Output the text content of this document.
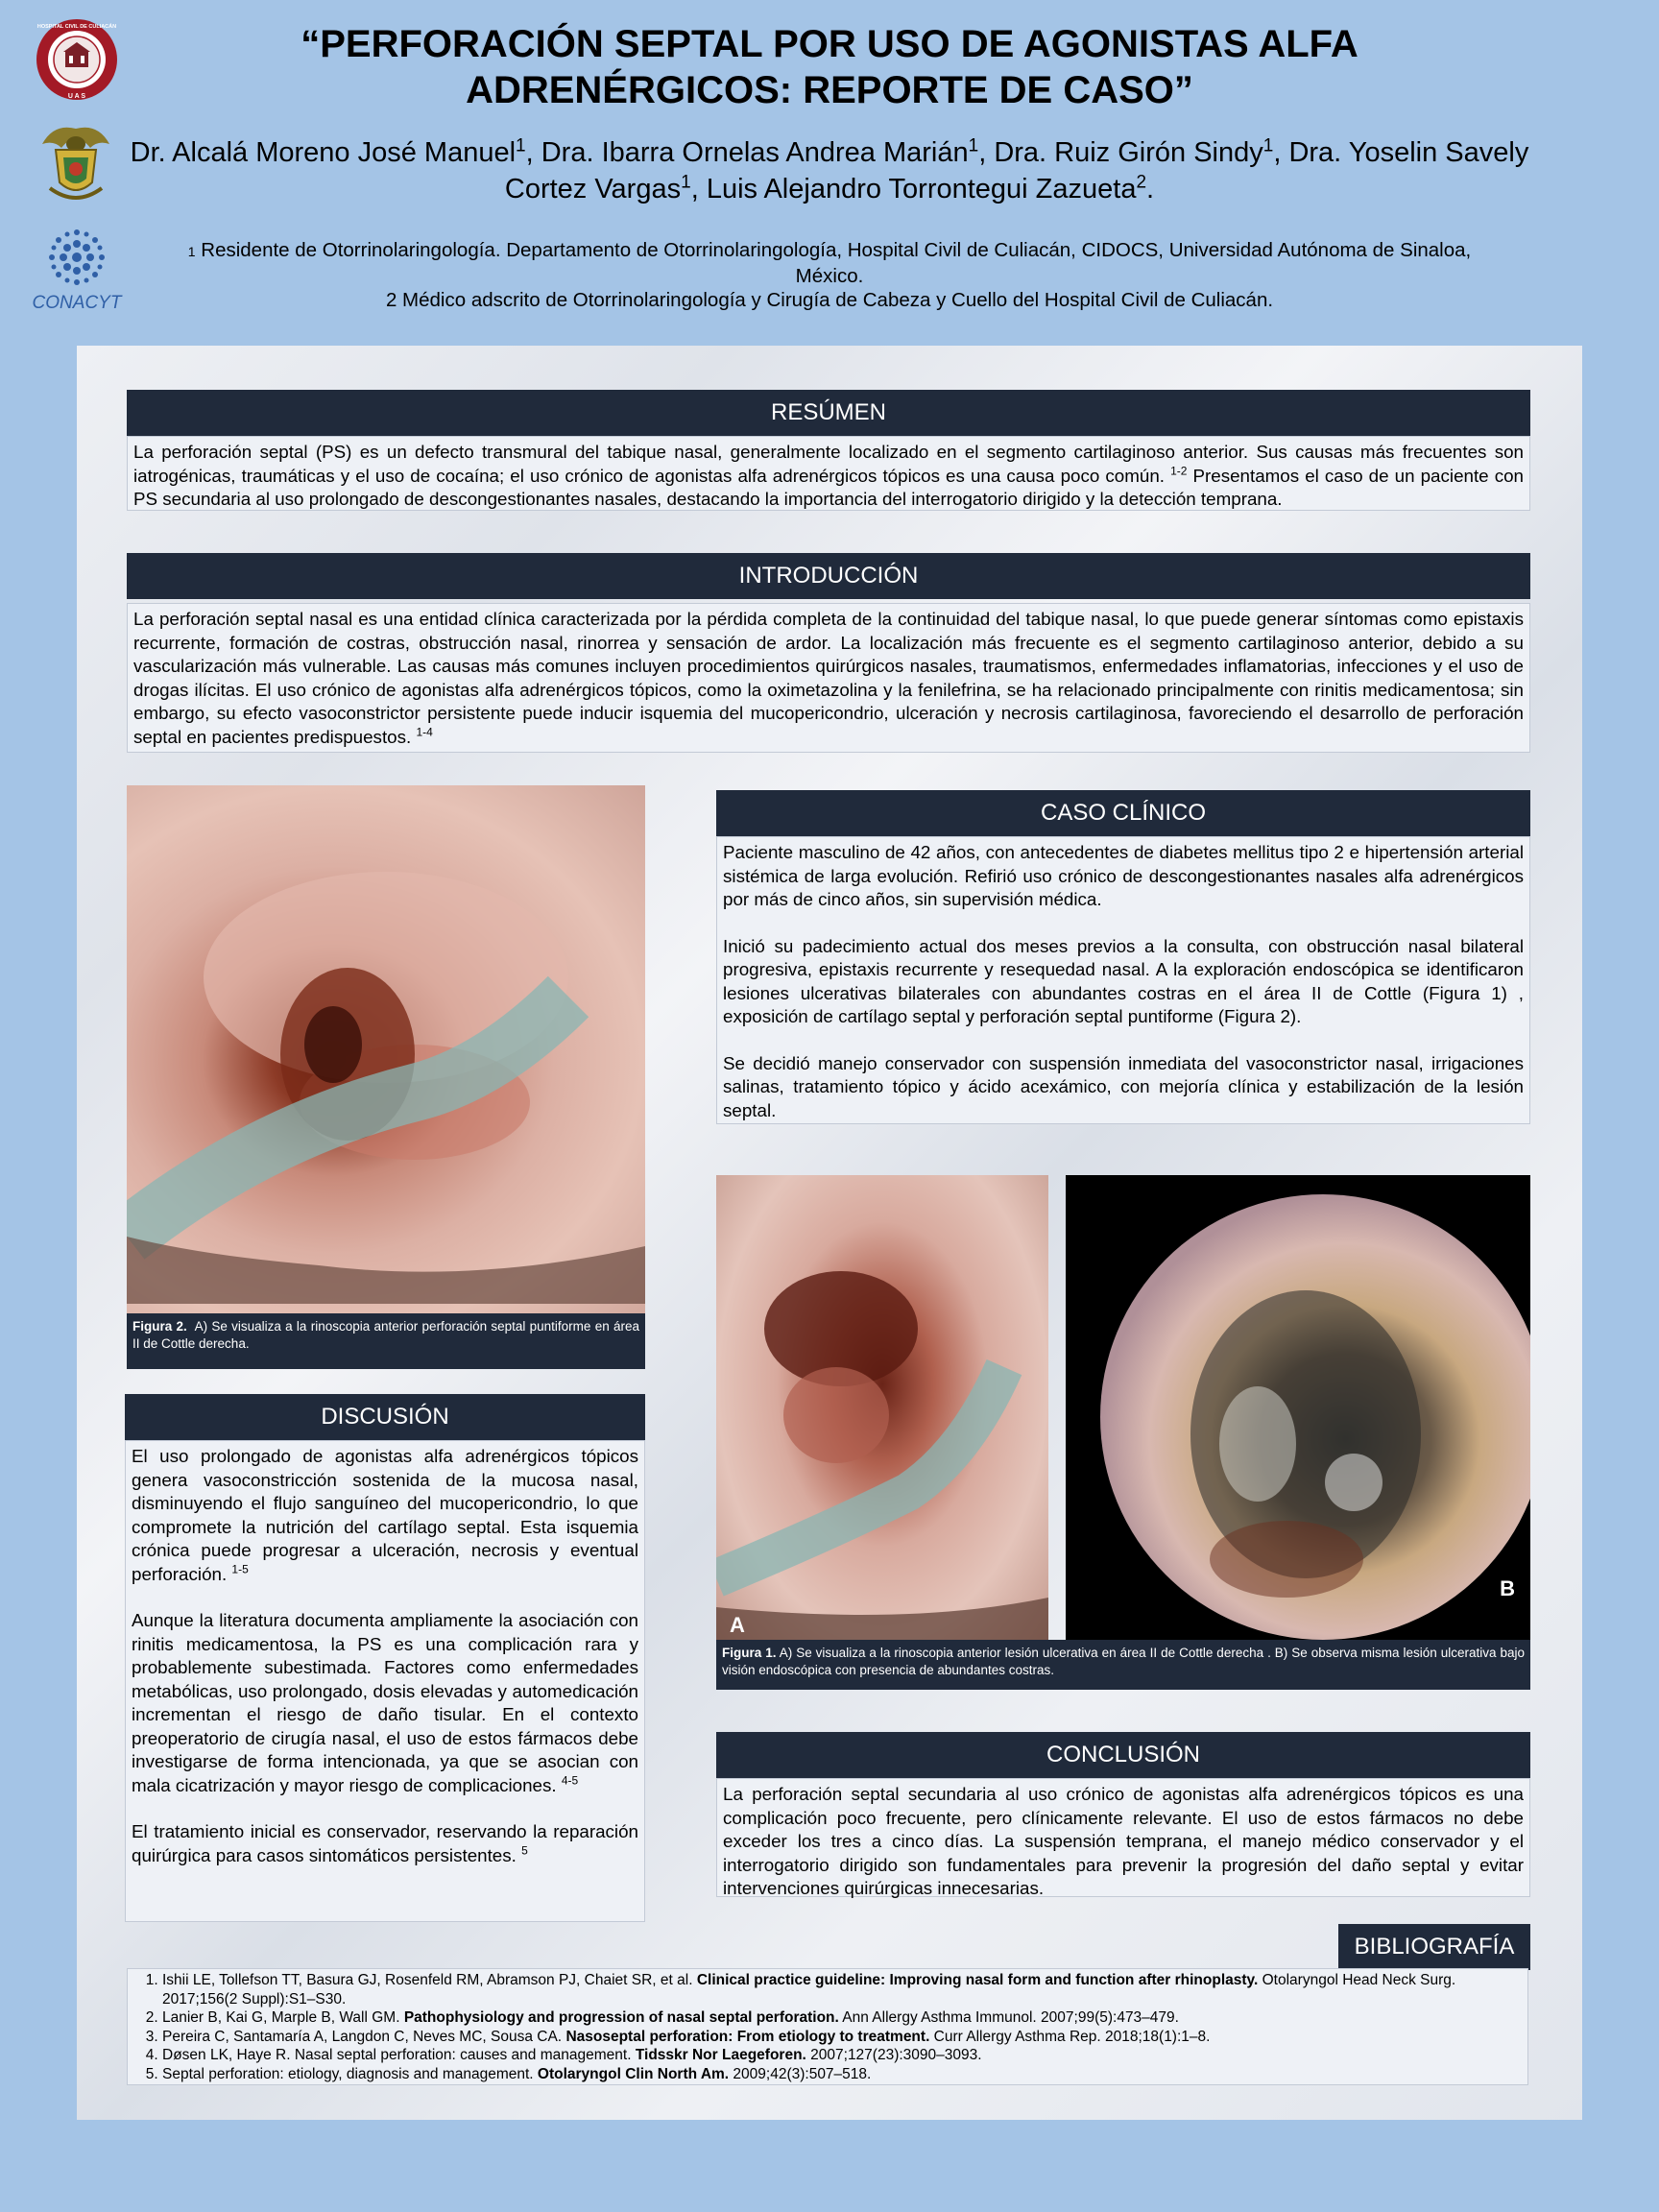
U A S
HOSPITAL CIVIL DE CULIACÁN
CONACYT
“PERFORACIÓN SEPTAL POR USO DE AGONISTAS ALFA
ADRENÉRGICOS: REPORTE DE CASO”
Dr. Alcalá Moreno José Manuel$^1$, Dra. Ibarra Ornelas Andrea Marián$^1$, Dra. Ruiz Girón Sindy$^1$, Dra. Yoselin Savely Cortez Vargas$^1$, Luis Alejandro Torrontegui Zazueta$^2$.
1 Residente de Otorrinolaringología. Departamento de Otorrinolaringología, Hospital Civil de Culiacán, CIDOCS, Universidad Autónoma de Sinaloa, México.
2 Médico adscrito de Otorrinolaringología y Cirugía de Cabeza y Cuello del Hospital Civil de Culiacán.
RESÚMEN

La perforación septal (PS) es un defecto transmural del tabique nasal, generalmente localizado en el segmento cartilaginoso anterior. Sus causas más frecuentes son iatrogénicas, traumáticas y el uso de cocaína; el uso crónico de agonistas alfa adrenérgicos tópicos es una causa poco común. $^{1-2}$ Presentamos el caso de un paciente con PS secundaria al uso prolongado de descongestionantes nasales, destacando la importancia del interrogatorio dirigido y la detección temprana.

INTRODUCCIÓN

La perforación septal nasal es una entidad clínica caracterizada por la pérdida completa de la continuidad del tabique nasal, lo que puede generar síntomas como epistaxis recurrente, formación de costras, obstrucción nasal, rinorrea y sensación de ardor. La localización más frecuente es el segmento cartilaginoso anterior, debido a su vascularización más vulnerable. Las causas más comunes incluyen procedimientos quirúrgicos nasales, traumatismos, enfermedades inflamatorias, infecciones y el uso de drogas ilícitas. El uso crónico de agonistas alfa adrenérgicos tópicos, como la oximetazolina y la fenilefrina, se ha relacionado principalmente con rinitis medicamentosa; sin embargo, su efecto vasoconstrictor persistente puede inducir isquemia del mucopericondrio, ulceración y necrosis cartilaginosa, favoreciendo el desarrollo de perforación septal en pacientes predispuestos. $^{1-4}$

Figura 2. A) Se visualiza a la rinoscopia anterior perforación septal puntiforme en área II de Cottle derecha.
CASO CLÍNICO

Paciente masculino de 42 años, con antecedentes de diabetes mellitus tipo 2 e hipertensión arterial sistémica de larga evolución. Refirió uso crónico de descongestionantes nasales alfa adrenérgicos por más de cinco años, sin supervisión médica.

Inició su padecimiento actual dos meses previos a la consulta, con obstrucción nasal bilateral progresiva, epistaxis recurrente y resequedad nasal. A la exploración endoscópica se identificaron lesiones ulcerativas bilaterales con abundantes costras en el área II de Cottle (Figura 1) , exposición de cartílago septal y perforación septal puntiforme (Figura 2).

Se decidió manejo conservador con suspensión inmediata del vasoconstrictor nasal, irrigaciones salinas, tratamiento tópico y ácido acexámico, con mejoría clínica y estabilización de la lesión septal.

A
B
Figura 1. A) Se visualiza a la rinoscopia anterior lesión ulcerativa en área II de Cottle derecha . B) Se observa misma lesión ulcerativa bajo visión endoscópica con presencia de abundantes costras.
DISCUSIÓN

El uso prolongado de agonistas alfa adrenérgicos tópicos genera vasoconstricción sostenida de la mucosa nasal, disminuyendo el flujo sanguíneo del mucopericondrio, lo que compromete la nutrición del cartílago septal. Esta isquemia crónica puede progresar a ulceración, necrosis y eventual perforación. $^{1-5}$

Aunque la literatura documenta ampliamente la asociación con rinitis medicamentosa, la PS es una complicación rara y probablemente subestimada. Factores como enfermedades metabólicas, uso prolongado, dosis elevadas y automedicación incrementan el riesgo de daño tisular. En el contexto preoperatorio de cirugía nasal, el uso de estos fármacos debe investigarse de forma intencionada, ya que se asocian con mala cicatrización y mayor riesgo de complicaciones. $^{4-5}$

El tratamiento inicial es conservador, reservando la reparación quirúrgica para casos sintomáticos persistentes. $^5$

CONCLUSIÓN

La perforación septal secundaria al uso crónico de agonistas alfa adrenérgicos tópicos es una complicación poco frecuente, pero clínicamente relevante. El uso de estos fármacos no debe exceder los tres a cinco días. La suspensión temprana, el manejo médico conservador y el interrogatorio dirigido son fundamentales para prevenir la progresión del daño septal y evitar intervenciones quirúrgicas innecesarias.

BIBLIOGRAFÍA
1. Ishii LE, Tollefson TT, Basura GJ, Rosenfeld RM, Abramson PJ, Chaiet SR, et al. Clinical practice guideline: Improving nasal form and function after rhinoplasty. Otolaryngol Head Neck Surg. 2017;156(2 Suppl):S1–S30.
2. Lanier B, Kai G, Marple B, Wall GM. Pathophysiology and progression of nasal septal perforation. Ann Allergy Asthma Immunol. 2007;99(5):473–479.
3. Pereira C, Santamaría A, Langdon C, Neves MC, Sousa CA. Nasoseptal perforation: From etiology to treatment. Curr Allergy Asthma Rep. 2018;18(1):1–8.
4. Døsen LK, Haye R. Nasal septal perforation: causes and management. Tidsskr Nor Laegeforen. 2007;127(23):3090–3093.
5. Septal perforation: etiology, diagnosis and management. Otolaryngol Clin North Am. 2009;42(3):507–518.
